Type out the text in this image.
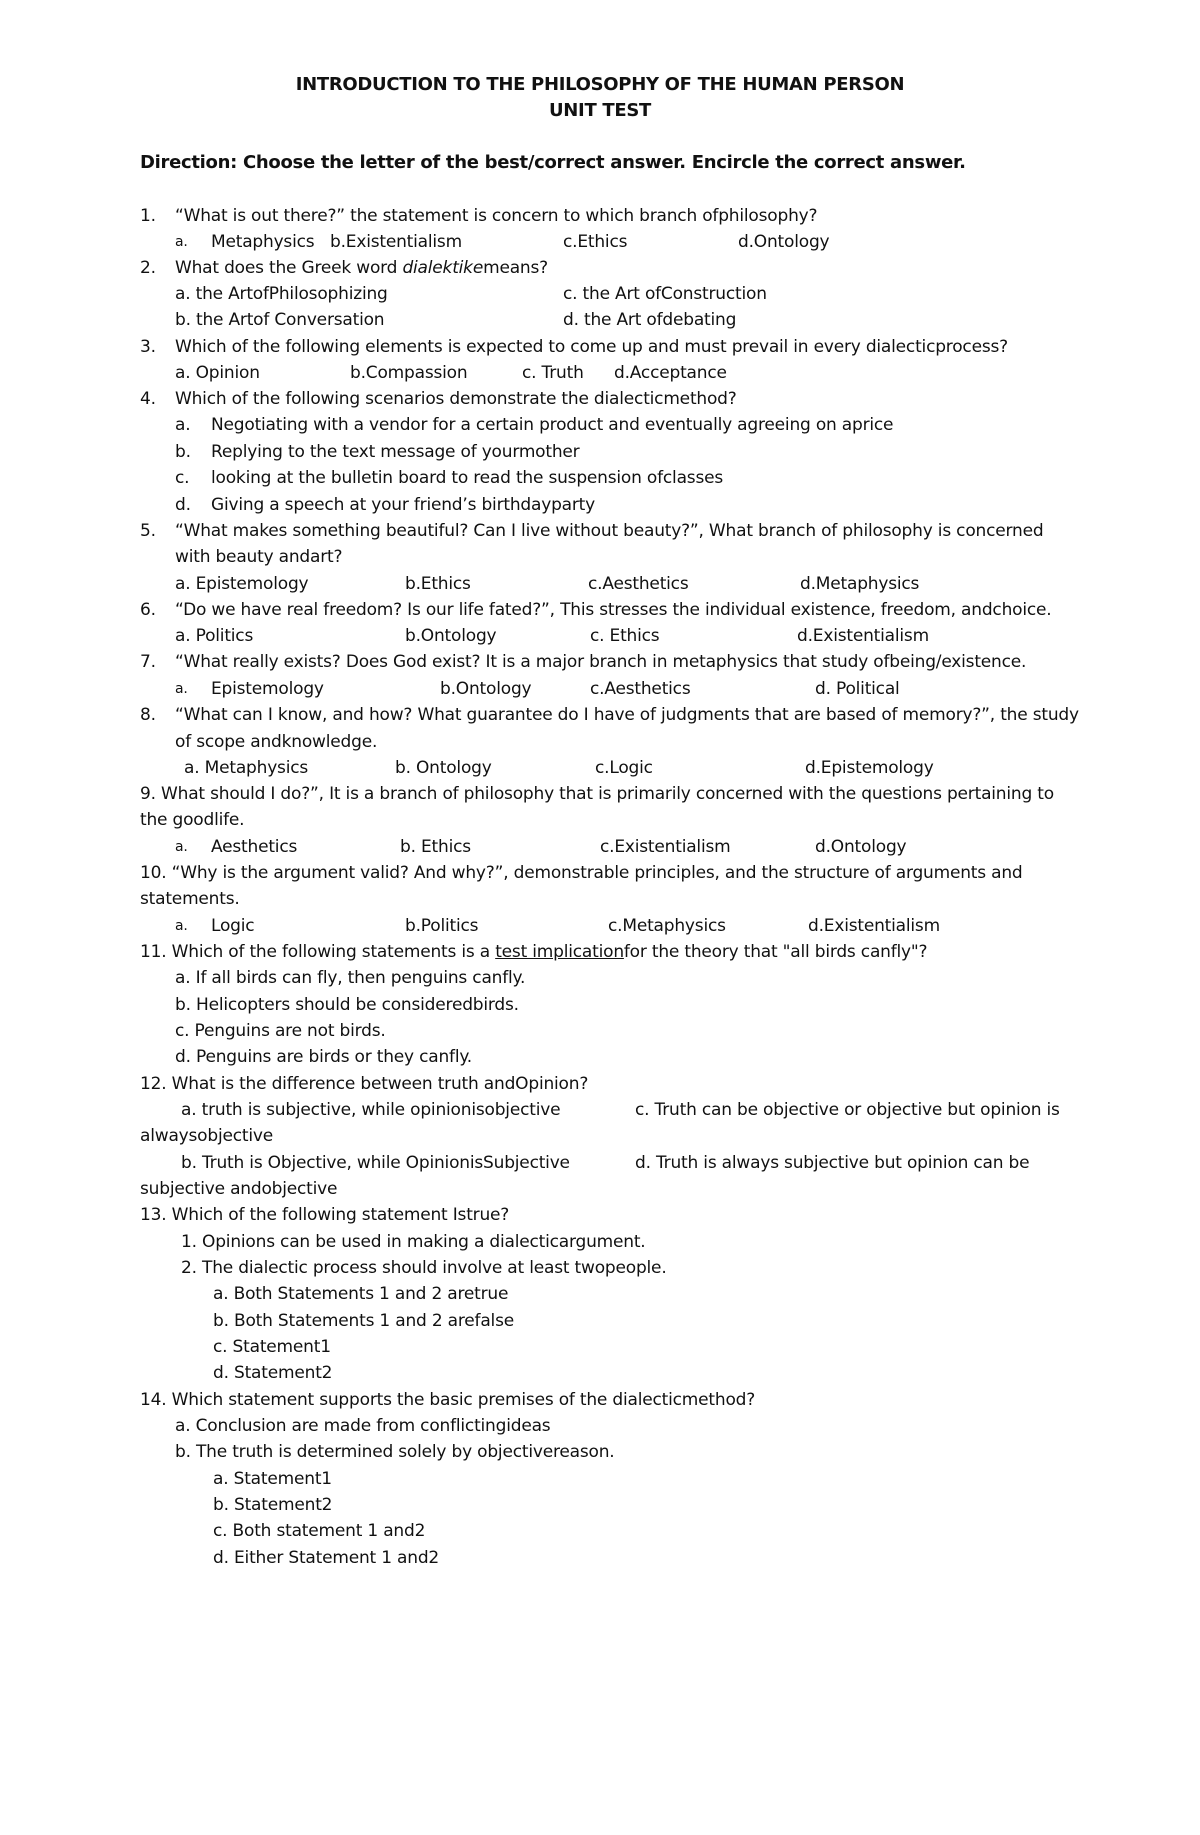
INTRODUCTION TO THE PHILOSOPHY OF THE HUMAN PERSON
UNIT TEST
Direction: Choose the letter of the best/correct answer. Encircle the correct answer.
1. “What is out there?” the statement is concern to which branch ofphilosophy?
a. Metaphysics b.Existentialism	c.Ethics	d.Ontology
2. What does the Greek word dialektikemeans?
a. the ArtofPhilosophizing	c. the Art ofConstruction
b. the Artof Conversation	d. the Art ofdebating
3. Which of the following elements is expected to come up and must prevail in every dialecticprocess?
a. Opinion	b.Compassion	c. Truth d.Acceptance
4. Which of the following scenarios demonstrate the dialecticmethod?
a. Negotiating with a vendor for a certain product and eventually agreeing on aprice
b. Replying to the text message of yourmother
c. looking at the bulletin board to read the suspension ofclasses
d. Giving a speech at your friend’s birthdayparty
5. “What makes something beautiful? Can I live without beauty?”, What branch of philosophy is concerned
with beauty andart?
a. Epistemology	b.Ethics	c.Aesthetics	d.Metaphysics
6. “Do we have real freedom? Is our life fated?”, This stresses the individual existence, freedom, andchoice.
a. Politics	b.Ontology	c. Ethics	d.Existentialism
7. “What really exists? Does God exist? It is a major branch in metaphysics that study ofbeing/existence.
a. Epistemology	b.Ontology	c.Aesthetics	d. Political
8. “What can I know, and how? What guarantee do I have of judgments that are based of memory?”, the study
of scope andknowledge.
a. Metaphysics	b. Ontology	c.Logic	d.Epistemology
9. What should I do?”, It is a branch of philosophy that is primarily concerned with the questions pertaining to
the goodlife.
a. Aesthetics	b. Ethics	c.Existentialism	d.Ontology
10. “Why is the argument valid? And why?”, demonstrable principles, and the structure of arguments and
statements.
a. Logic	b.Politics	c.Metaphysics	d.Existentialism
11. Which of the following statements is a test implicationfor the theory that "all birds canfly"?
a. If all birds can fly, then penguins canfly.
b. Helicopters should be consideredbirds.
c. Penguins are not birds.
d. Penguins are birds or they canfly.
12. What is the difference between truth andOpinion?
a. truth is subjective, while opinionisobjective	c. Truth can be objective or objective but opinion is
alwaysobjective
b. Truth is Objective, while OpinionisSubjective	d. Truth is always subjective but opinion can be
subjective andobjective
13. Which of the following statement Istrue?
1. Opinions can be used in making a dialecticargument.
2. The dialectic process should involve at least twopeople.
a. Both Statements 1 and 2 aretrue
b. Both Statements 1 and 2 arefalse
c. Statement1
d. Statement2
14. Which statement supports the basic premises of the dialecticmethod?
a. Conclusion are made from conflictingideas
b. The truth is determined solely by objectivereason.
a. Statement1
b. Statement2
c. Both statement 1 and2
d. Either Statement 1 and2
